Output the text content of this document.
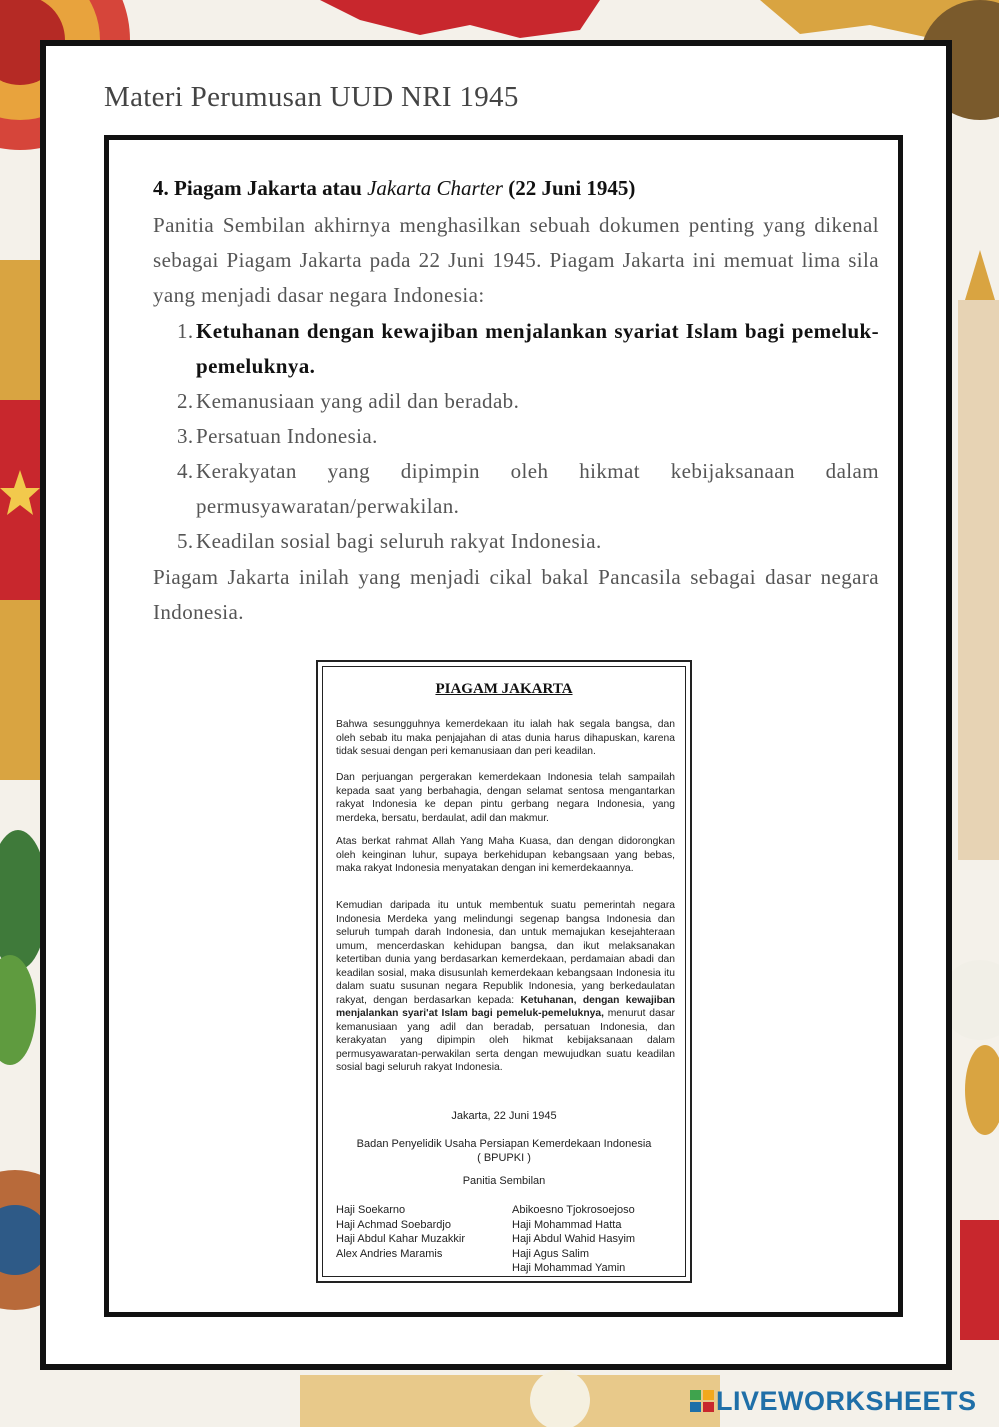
Materi Perumusan UUD NRI 1945
4. Piagam Jakarta atau Jakarta Charter (22 Juni 1945)
Panitia Sembilan akhirnya menghasilkan sebuah dokumen penting yang dikenal sebagai Piagam Jakarta pada 22 Juni 1945. Piagam Jakarta ini memuat lima sila yang menjadi dasar negara Indonesia:
1. Ketuhanan dengan kewajiban menjalankan syariat Islam bagi pemeluk-pemeluknya.
2. Kemanusiaan yang adil dan beradab.
3. Persatuan Indonesia.
4. Kerakyatan yang dipimpin oleh hikmat kebijaksanaan dalam permusyawaratan/perwakilan.
5. Keadilan sosial bagi seluruh rakyat Indonesia.
Piagam Jakarta inilah yang menjadi cikal bakal Pancasila sebagai dasar negara Indonesia.
PIAGAM JAKARTA
Bahwa sesungguhnya kemerdekaan itu ialah hak segala bangsa, dan oleh sebab itu maka penjajahan di atas dunia harus dihapuskan, karena tidak sesuai dengan peri kemanusiaan dan peri keadilan.
Dan perjuangan pergerakan kemerdekaan Indonesia telah sampailah kepada saat yang berbahagia, dengan selamat sentosa mengantarkan rakyat Indonesia ke depan pintu gerbang negara Indonesia, yang merdeka, bersatu, berdaulat, adil dan makmur.
Atas berkat rahmat Allah Yang Maha Kuasa, dan dengan didorongkan oleh keinginan luhur, supaya berkehidupan kebangsaan yang bebas, maka rakyat Indonesia menyatakan dengan ini kemerdekaannya.
Kemudian daripada itu untuk membentuk suatu pemerintah negara Indonesia Merdeka yang melindungi segenap bangsa Indonesia dan seluruh tumpah darah Indonesia, dan untuk memajukan kesejahteraan umum, mencerdaskan kehidupan bangsa, dan ikut melaksanakan ketertiban dunia yang berdasarkan kemerdekaan, perdamaian abadi dan keadilan sosial, maka disusunlah kemerdekaan kebangsaan Indonesia itu dalam suatu susunan negara Republik Indonesia, yang berkedaulatan rakyat, dengan berdasarkan kepada: Ketuhanan, dengan kewajiban menjalankan syari'at Islam bagi pemeluk-pemeluknya, menurut dasar kemanusiaan yang adil dan beradab, persatuan Indonesia, dan kerakyatan yang dipimpin oleh hikmat kebijaksanaan dalam permusyawaratan-perwakilan serta dengan mewujudkan suatu keadilan sosial bagi seluruh rakyat Indonesia.
Jakarta, 22 Juni 1945
Badan Penyelidik Usaha Persiapan Kemerdekaan Indonesia
( BPUPKI )
Panitia Sembilan
Haji Soekarno
Haji Achmad Soebardjo
Haji Abdul Kahar Muzakkir
Alex Andries Maramis
Abikoesno Tjokrosoejoso
Haji Mohammad Hatta
Haji Abdul Wahid Hasyim
Haji Agus Salim
Haji Mohammad Yamin
LIVEWORKSHEETS
